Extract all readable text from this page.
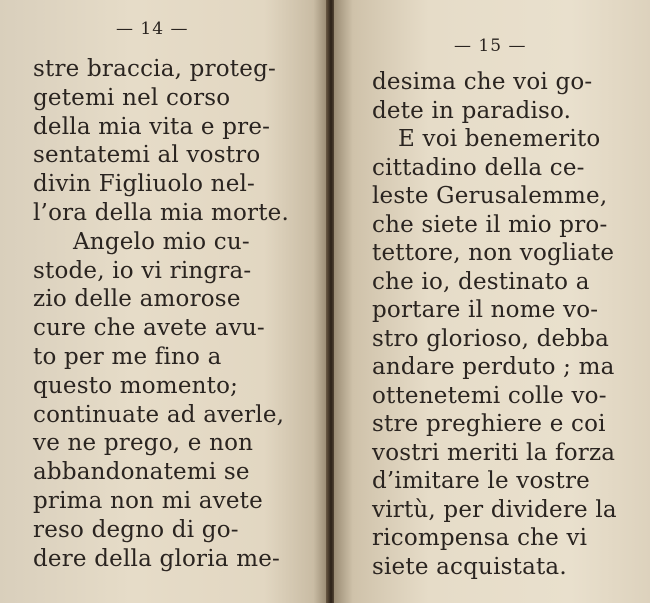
— 14 —
stre braccia, proteg-
getemi nel corso
della mia vita e pre-
sentatemi al vostro
divin Figliuolo nel-
l’ora della mia morte.
Angelo mio cu-
stode, io vi ringra-
zio delle amorose
cure che avete avu-
to per me fino a
questo momento;
continuate ad averle,
ve ne prego, e non
abbandonatemi se
prima non mi avete
reso degno di go-
dere della gloria me-
— 15 —
desima che voi go-
dete in paradiso.
E voi benemerito
cittadino della ce-
leste Gerusalemme,
che siete il mio pro-
tettore, non vogliate
che io, destinato a
portare il nome vo-
stro glorioso, debba
andare perduto ; ma
ottenetemi colle vo-
stre preghiere e coi
vostri meriti la forza
d’imitare le vostre
virtù, per dividere la
ricompensa che vi
siete acquistata.
